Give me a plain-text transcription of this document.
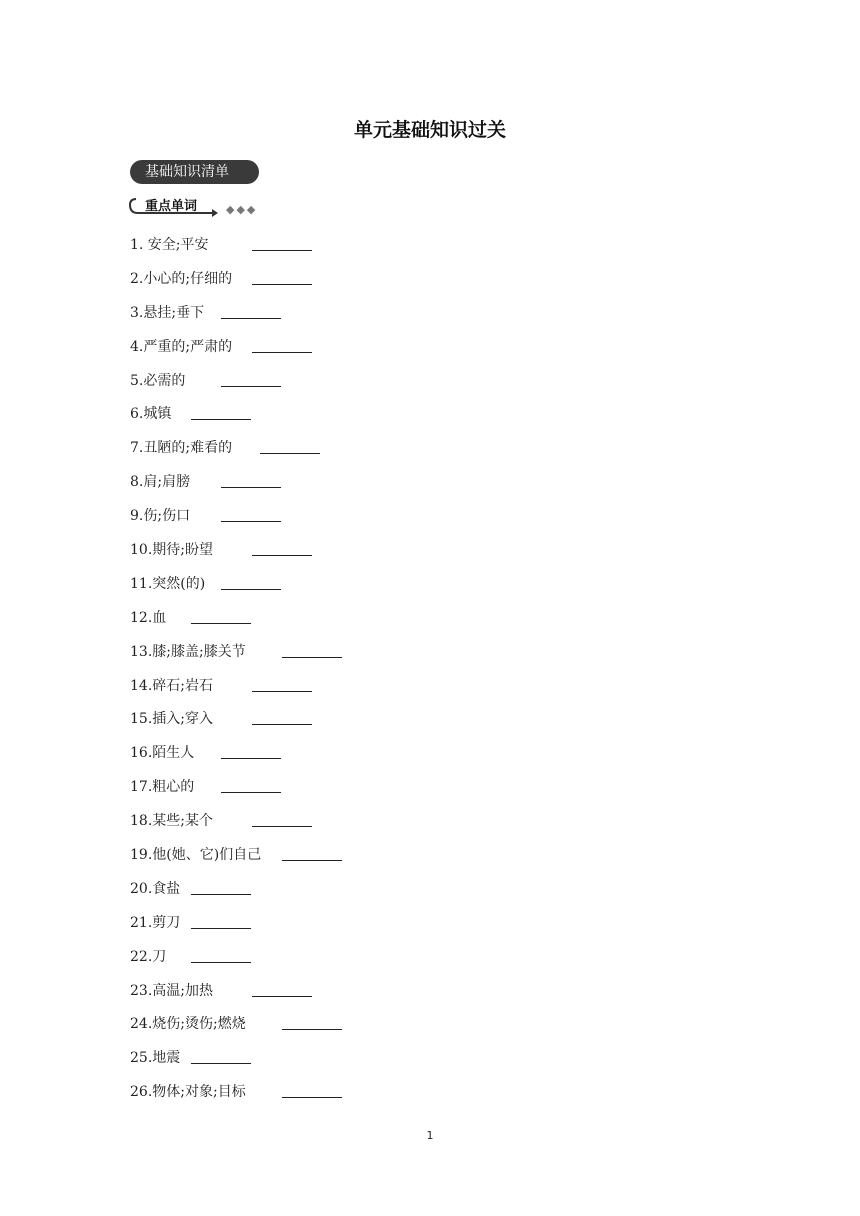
单元基础知识过关
基础知识清单
重点单词	◆◆◆
1. 安全;平安
2.小心的;仔细的
3.悬挂;垂下
4.严重的;严肃的
5.必需的
6.城镇
7.丑陋的;难看的
8.肩;肩膀
9.伤;伤口
10.期待;盼望
11.突然(的)
12.血
13.膝;膝盖;膝关节
14.碎石;岩石
15.插入;穿入
16.陌生人
17.粗心的
18.某些;某个
19.他(她、它)们自己
20.食盐
21.剪刀
22.刀
23.高温;加热
24.烧伤;烫伤;燃烧
25.地震
26.物体;对象;目标
1
